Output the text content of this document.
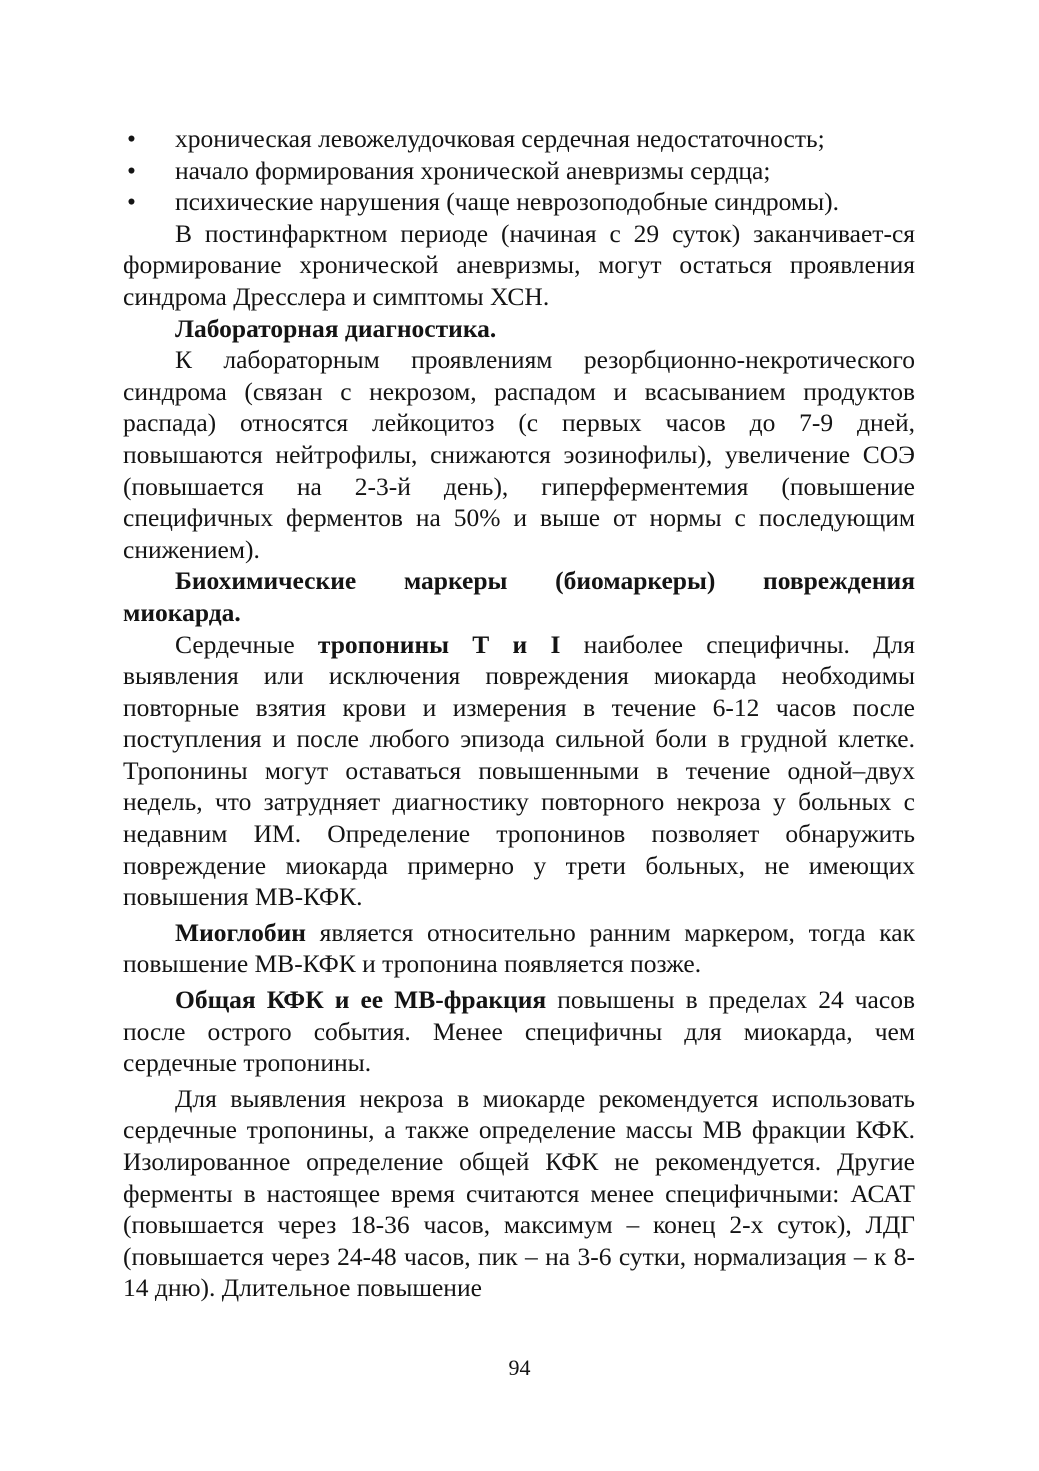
• хроническая левожелудочковая сердечная недостаточность;
• начало формирования хронической аневризмы сердца;
• психические нарушения (чаще неврозоподобные синдромы).

В постинфарктном периоде (начиная с 29 суток) заканчивает-ся формирование хронической аневризмы, могут остаться проявления синдрома Дресслера и симптомы ХСН.

Лабораторная диагностика.

К лабораторным проявлениям резорбционно-некротического синдрома (связан с некрозом, распадом и всасыванием продуктов распада) относятся лейкоцитоз (с первых часов до 7-9 дней, повышаются нейтрофилы, снижаются эозинофилы), увеличение СОЭ (повышается на 2-3-й день), гиперферментемия (повышение специфичных ферментов на 50% и выше от нормы с последующим снижением).

Биохимические маркеры (биомаркеры) повреждения миокарда.

Сердечные тропонины Т и I наиболее специфичны. Для выявления или исключения повреждения миокарда необходимы повторные взятия крови и измерения в течение 6-12 часов после поступления и после любого эпизода сильной боли в грудной клетке. Тропонины могут оставаться повышенными в течение одной–двух недель, что затрудняет диагностику повторного некроза у больных с недавним ИМ. Определение тропонинов позволяет обнаружить повреждение миокарда примерно у трети больных, не имеющих повышения МВ-КФК.

Миоглобин является относительно ранним маркером, тогда как повышение МВ-КФК и тропонина появляется позже.

Общая КФК и ее МВ-фракция повышены в пределах 24 часов после острого события. Менее специфичны для миокарда, чем сердечные тропонины.

Для выявления некроза в миокарде рекомендуется использовать сердечные тропонины, а также определение массы МВ фракции КФК. Изолированное определение общей КФК не рекомендуется. Другие ферменты в настоящее время считаются менее специфичными: АСАТ (повышается через 18-36 часов, максимум – конец 2-х суток), ЛДГ (повышается через 24-48 часов, пик – на 3-6 сутки, нормализация – к 8-14 дню). Длительное повышение

94
